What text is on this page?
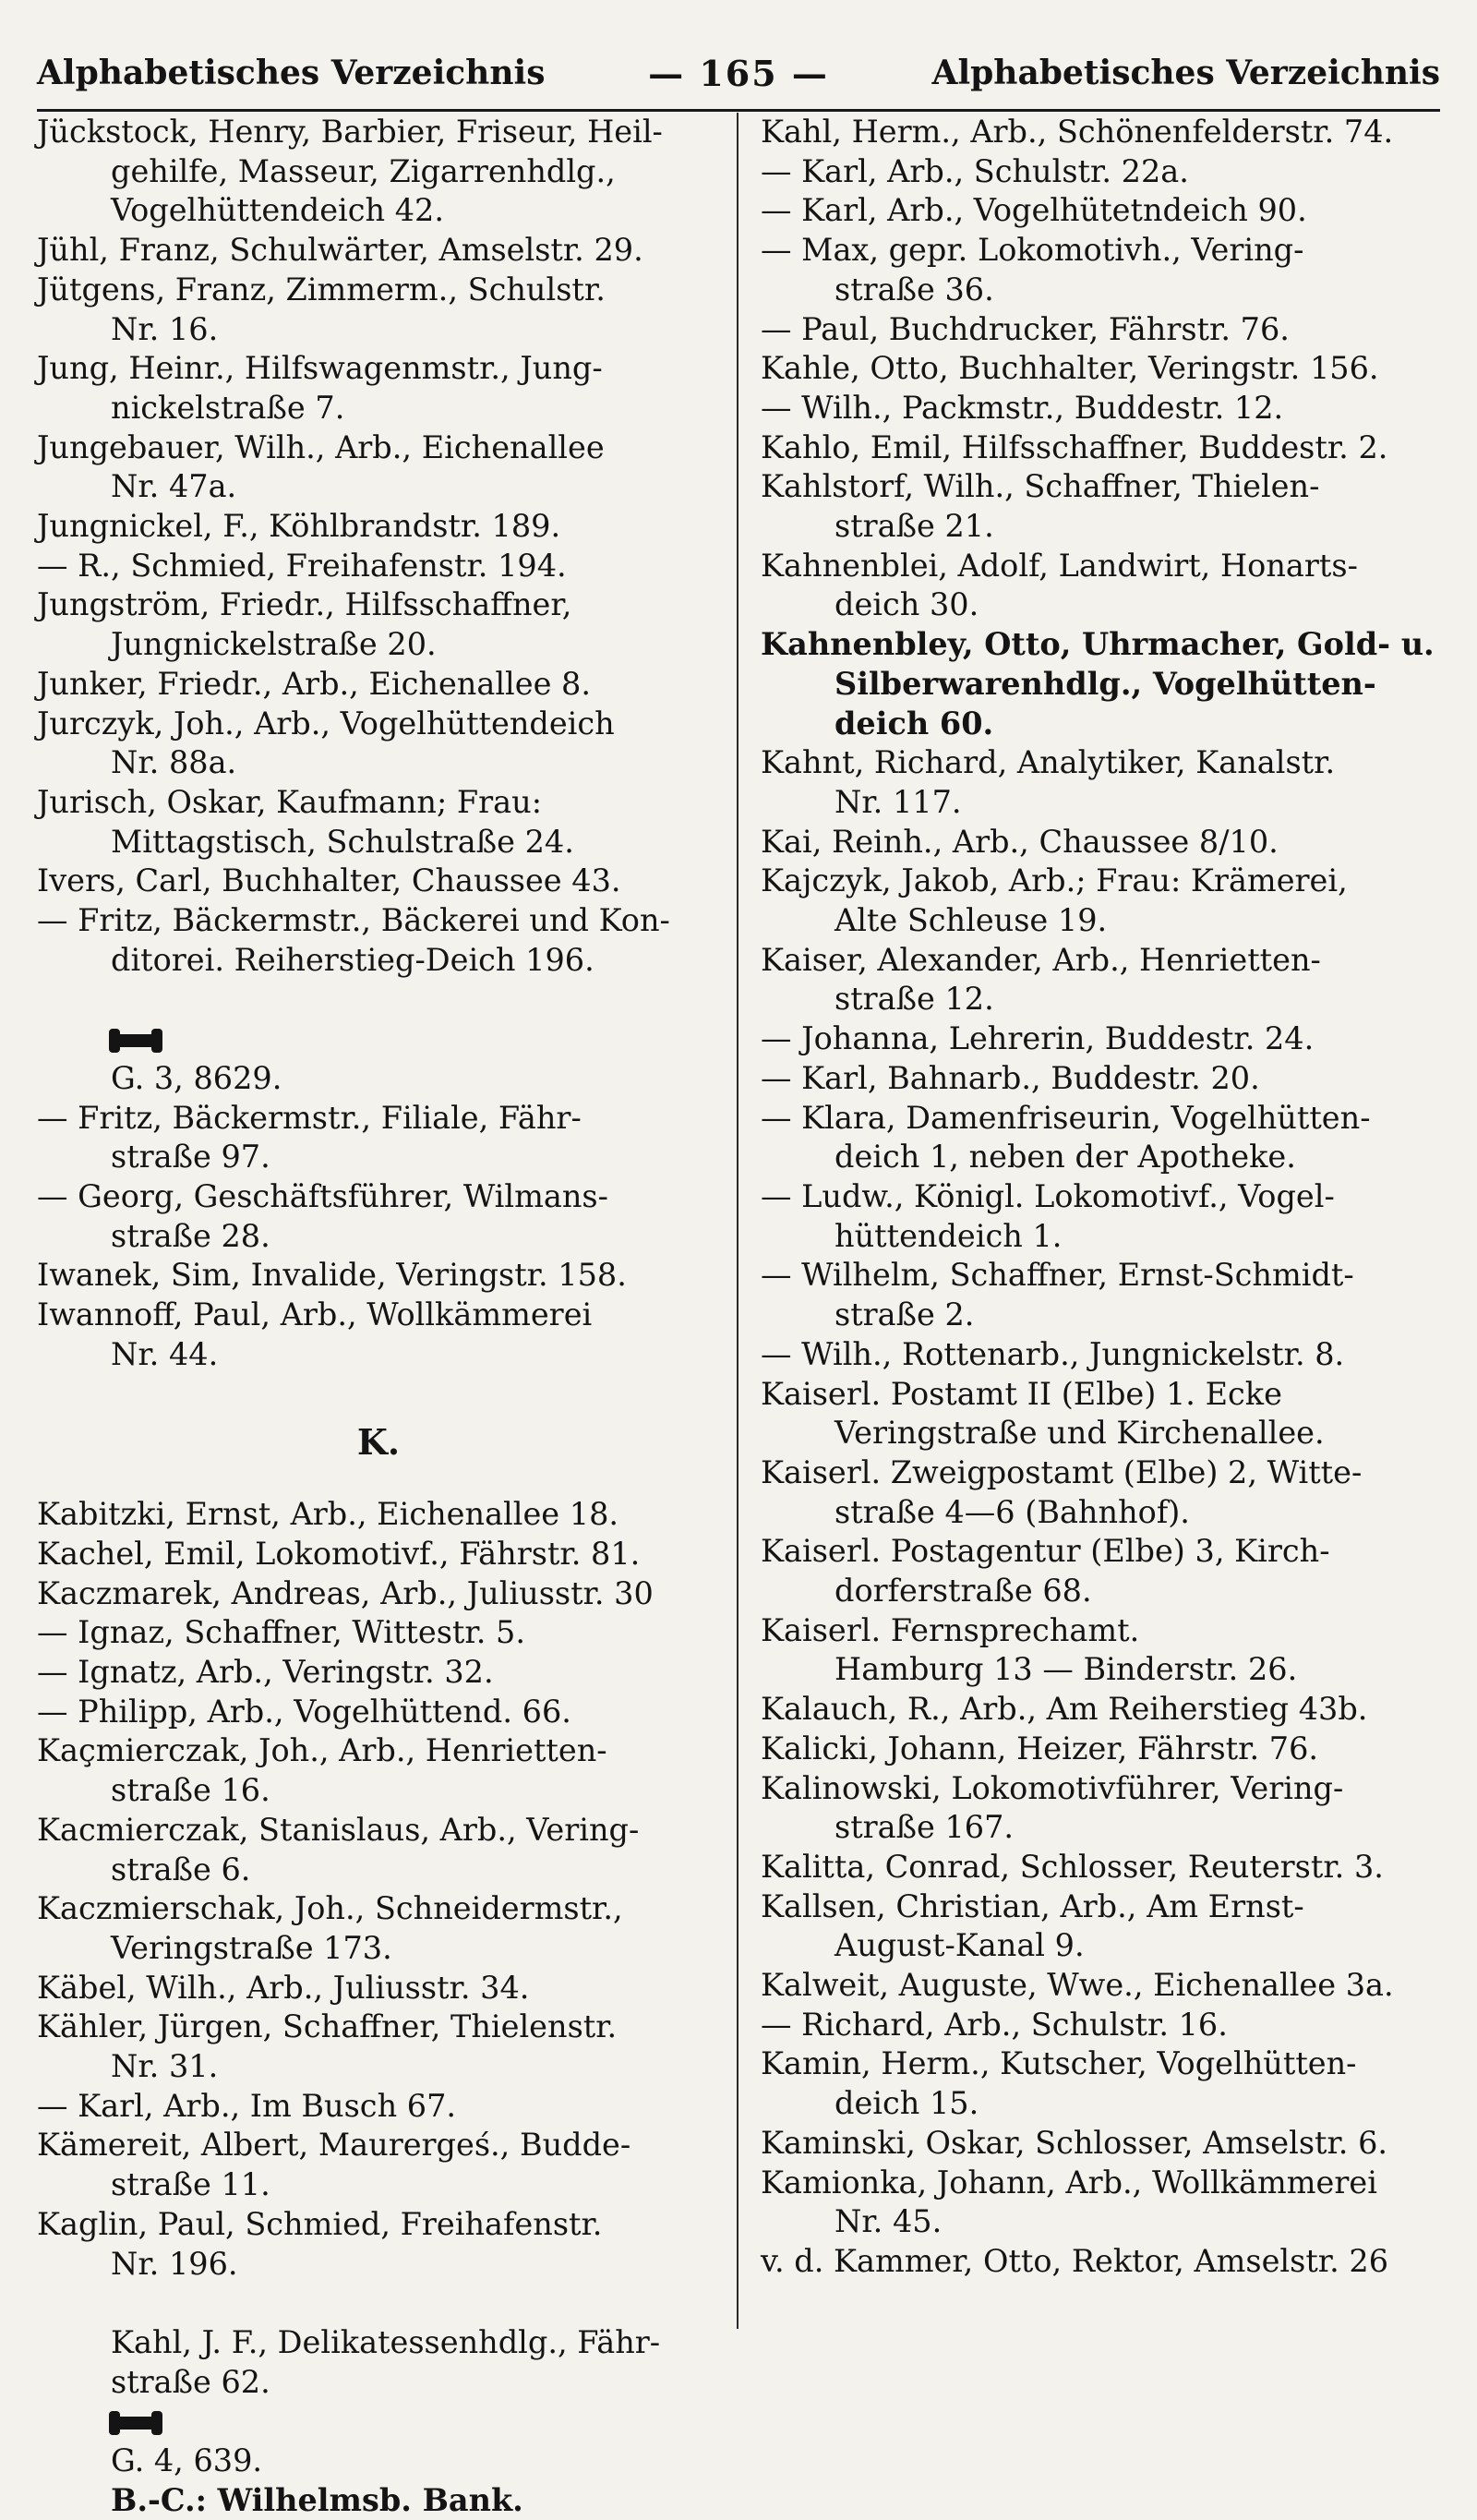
Alphabetisches Verzeichnis	— 165 —	Alphabetisches Verzeichnis
Jückstock, Henry, Barbier, Friseur, Heil-
gehilfe, Masseur, Zigarrenhdlg.,
Vogelhüttendeich 42.
Jühl, Franz, Schulwärter, Amselstr. 29.
Jütgens, Franz, Zimmerm., Schulstr.
Nr. 16.
Jung, Heinr., Hilfswagenmstr., Jung-
nickelstraße 7.
Jungebauer, Wilh., Arb., Eichenallee
Nr. 47a.
Jungnickel, F., Köhlbrandstr. 189.
— R., Schmied, Freihafenstr. 194.
Jungström, Friedr., Hilfsschaffner,
Jungnickelstraße 20.
Junker, Friedr., Arb., Eichenallee 8.
Jurczyk, Joh., Arb., Vogelhüttendeich
Nr. 88a.
Jurisch, Oskar, Kaufmann; Frau:
Mittagstisch, Schulstraße 24.
Ivers, Carl, Buchhalter, Chaussee 43.
— Fritz, Bäckermstr., Bäckerei und Kon-
ditorei. Reiherstieg-Deich 196.

G. 3, 8629.

— Fritz, Bäckermstr., Filiale, Fähr-
straße 97.
— Georg, Geschäftsführer, Wilmans-
straße 28.
Iwanek, Sim, Invalide, Veringstr. 158.
Iwannoff, Paul, Arb., Wollkämmerei
Nr. 44.
K.
Kabitzki, Ernst, Arb., Eichenallee 18.
Kachel, Emil, Lokomotivf., Fährstr. 81.
Kaczmarek, Andreas, Arb., Juliusstr. 30
— Ignaz, Schaffner, Wittestr. 5.
— Ignatz, Arb., Veringstr. 32.
— Philipp, Arb., Vogelhüttend. 66.
Kaçmierczak, Joh., Arb., Henrietten-
straße 16.
Kacmierczak, Stanislaus, Arb., Vering-
straße 6.
Kaczmierschak, Joh., Schneidermstr.,
Veringstraße 173.
Käbel, Wilh., Arb., Juliusstr. 34.
Kähler, Jürgen, Schaffner, Thielenstr.
Nr. 31.
— Karl, Arb., Im Busch 67.
Kämereit, Albert, Maurergeś., Budde-
straße 11.
Kaglin, Paul, Schmied, Freihafenstr.
Nr. 196.

Kahl, J. F., Delikatessenhdlg., Fähr-
straße 62.

G. 4, 639.

B.-C.: Wilhelmsb. Bank.
Kahl, Herm., Arb., Schönenfelderstr. 74.
— Karl, Arb., Schulstr. 22a.
— Karl, Arb., Vogelhütetndeich 90.
— Max, gepr. Lokomotivh., Vering-
straße 36.
— Paul, Buchdrucker, Fährstr. 76.
Kahle, Otto, Buchhalter, Veringstr. 156.
— Wilh., Packmstr., Buddestr. 12.
Kahlo, Emil, Hilfsschaffner, Buddestr. 2.
Kahlstorf, Wilh., Schaffner, Thielen-
straße 21.
Kahnenblei, Adolf, Landwirt, Honarts-
deich 30.
Kahnenbley, Otto, Uhrmacher, Gold- u.
Silberwarenhdlg., Vogelhütten-
deich 60.
Kahnt, Richard, Analytiker, Kanalstr.
Nr. 117.
Kai, Reinh., Arb., Chaussee 8/10.
Kajczyk, Jakob, Arb.; Frau: Krämerei,
Alte Schleuse 19.
Kaiser, Alexander, Arb., Henrietten-
straße 12.
— Johanna, Lehrerin, Buddestr. 24.
— Karl, Bahnarb., Buddestr. 20.
— Klara, Damenfriseurin, Vogelhütten-
deich 1, neben der Apotheke.
— Ludw., Königl. Lokomotivf., Vogel-
hüttendeich 1.
— Wilhelm, Schaffner, Ernst-Schmidt-
straße 2.
— Wilh., Rottenarb., Jungnickelstr. 8.
Kaiserl. Postamt II (Elbe) 1. Ecke
Veringstraße und Kirchenallee.
Kaiserl. Zweigpostamt (Elbe) 2, Witte-
straße 4—6 (Bahnhof).
Kaiserl. Postagentur (Elbe) 3, Kirch-
dorferstraße 68.
Kaiserl. Fernsprechamt.
Hamburg 13 — Binderstr. 26.
Kalauch, R., Arb., Am Reiherstieg 43b.
Kalicki, Johann, Heizer, Fährstr. 76.
Kalinowski, Lokomotivführer, Vering-
straße 167.
Kalitta, Conrad, Schlosser, Reuterstr. 3.
Kallsen, Christian, Arb., Am Ernst-
August-Kanal 9.
Kalweit, Auguste, Wwe., Eichenallee 3a.
— Richard, Arb., Schulstr. 16.
Kamin, Herm., Kutscher, Vogelhütten-
deich 15.
Kaminski, Oskar, Schlosser, Amselstr. 6.
Kamionka, Johann, Arb., Wollkämmerei
Nr. 45.
v. d. Kammer, Otto, Rektor, Amselstr. 26
